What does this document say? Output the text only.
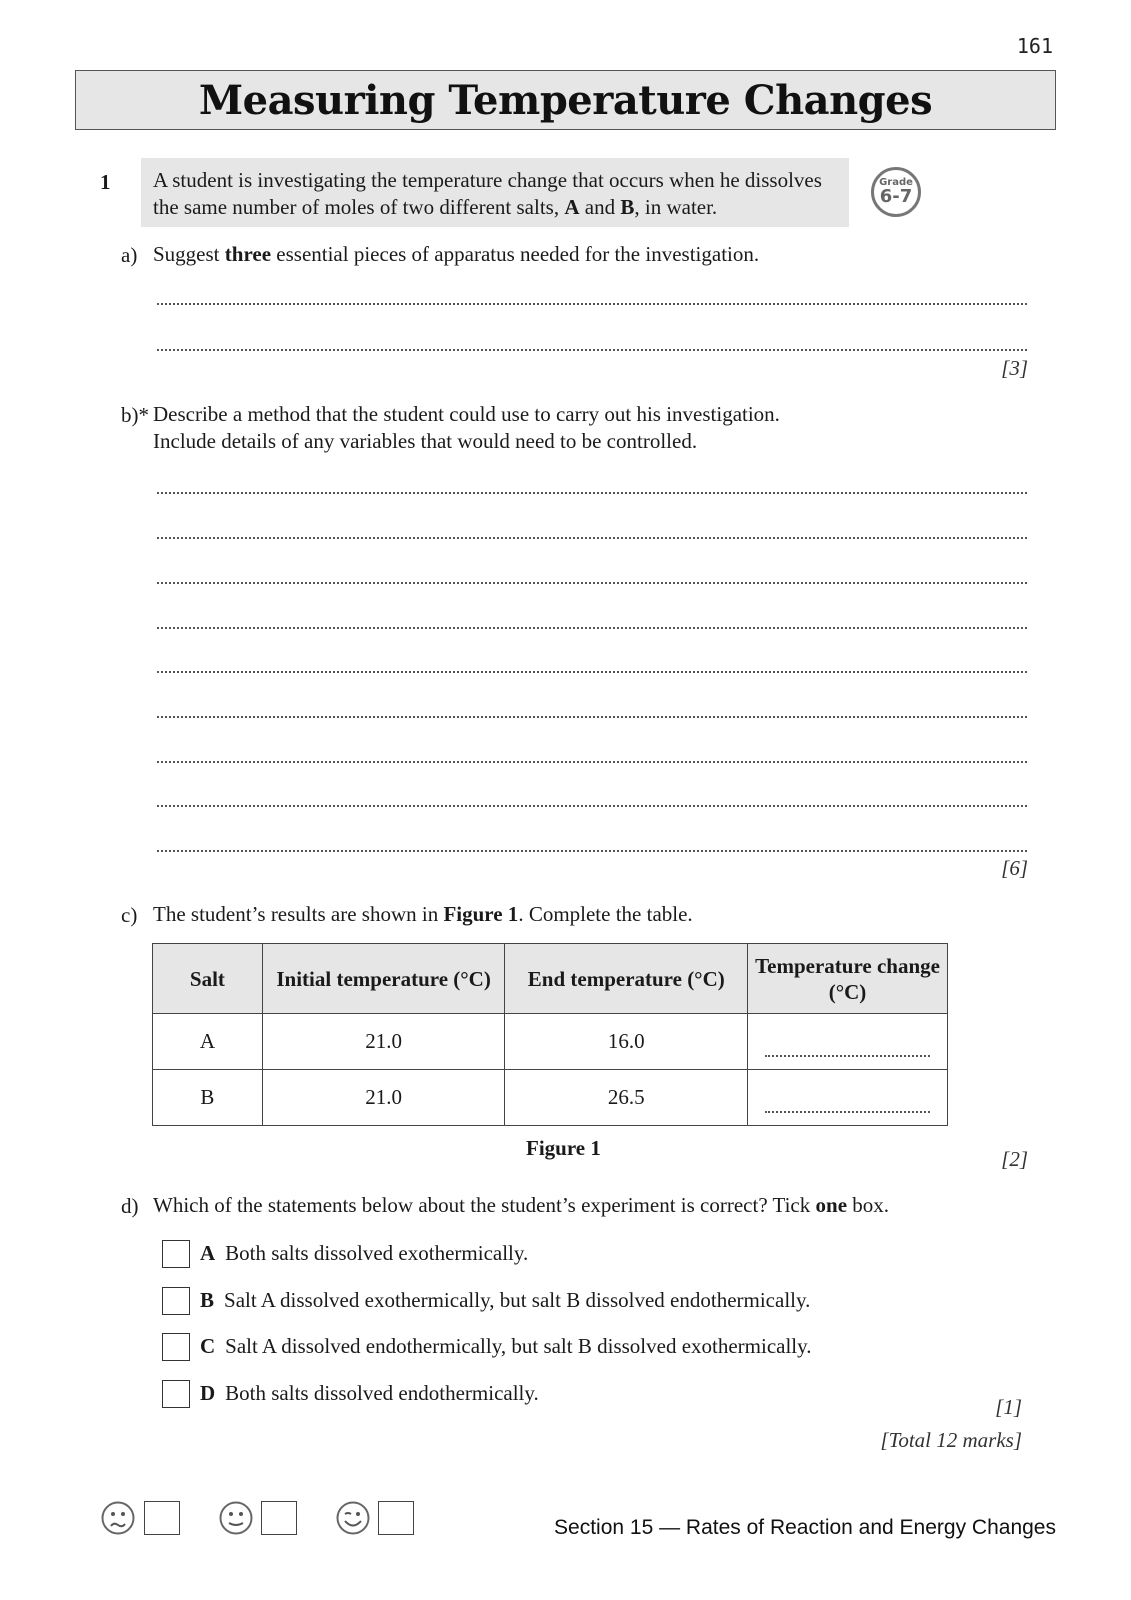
161
Measuring Temperature Changes
1	A student is investigating the temperature change that occurs when he dissolves the same number of moles of two different salts, A and B, in water.
Grade
6-7
a) Suggest three essential pieces of apparatus needed for the investigation.
[3]
b)* Describe a method that the student could use to carry out his investigation.
Include details of any variables that would need to be controlled.
[6]
c) The student’s results are shown in Figure 1. Complete the table.
Salt	Initial temperature (°C)	End temperature (°C)	Temperature change (°C)
A	21.0	16.0	
B	21.0	26.5	
Figure 1	[2]
d) Which of the statements below about the student’s experiment is correct? Tick one box.
A Both salts dissolved exothermically.
B Salt A dissolved exothermically, but salt B dissolved endothermically.
C Salt A dissolved endothermically, but salt B dissolved exothermically.
D Both salts dissolved endothermically.
[1]
[Total 12 marks]
Section 15 — Rates of Reaction and Energy Changes
